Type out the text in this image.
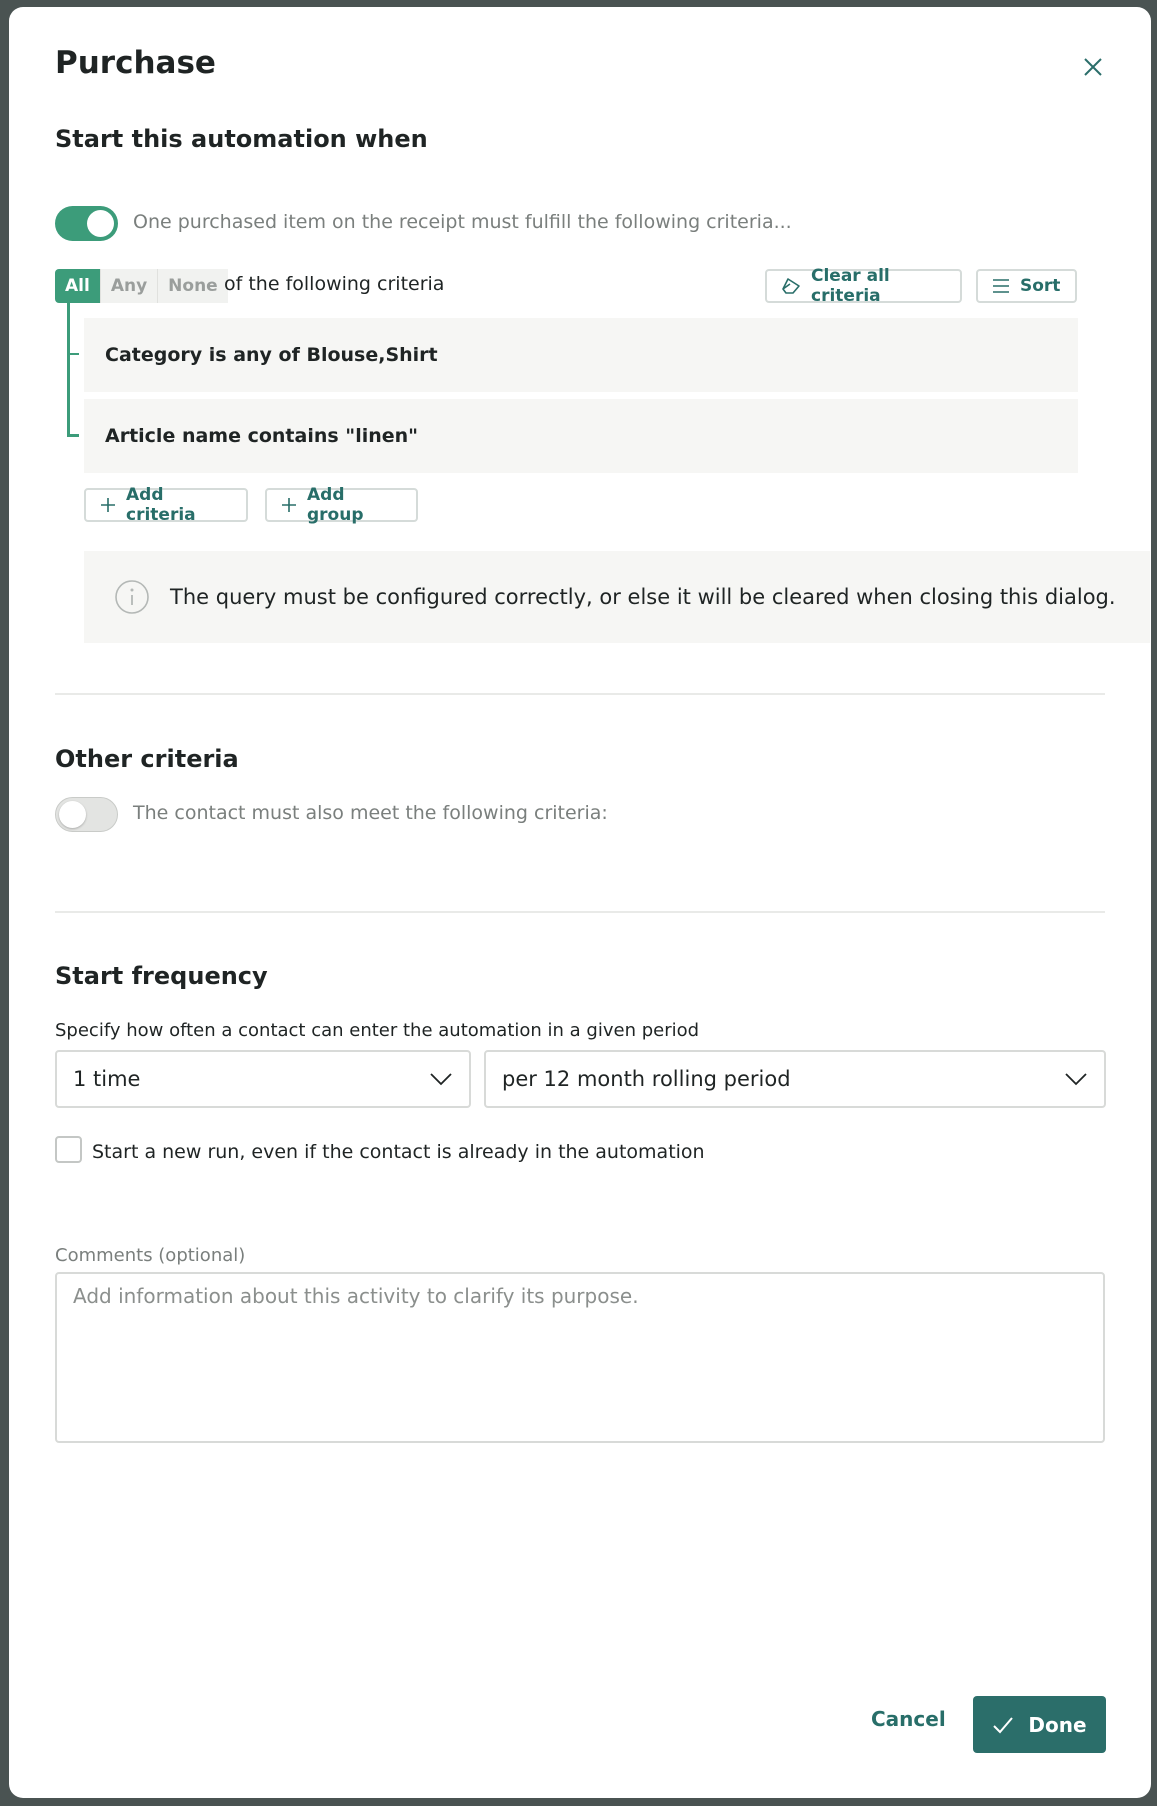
Purchase
Start this automation when
One purchased item on the receipt must fulfill the following criteria...
All	Any	None of the following criteria	Clear all criteria	Sort
Category is any of Blouse,Shirt
Article name contains "linen"
Add criteria
Add group
The query must be configured correctly, or else it will be cleared when closing this dialog.
Other criteria
The contact must also meet the following criteria:
Start frequency
Specify how often a contact can enter the automation in a given period
1 time	per 12 month rolling period
Start a new run, even if the contact is already in the automation
Comments (optional)
Add information about this activity to clarify its purpose.
Cancel	Done
